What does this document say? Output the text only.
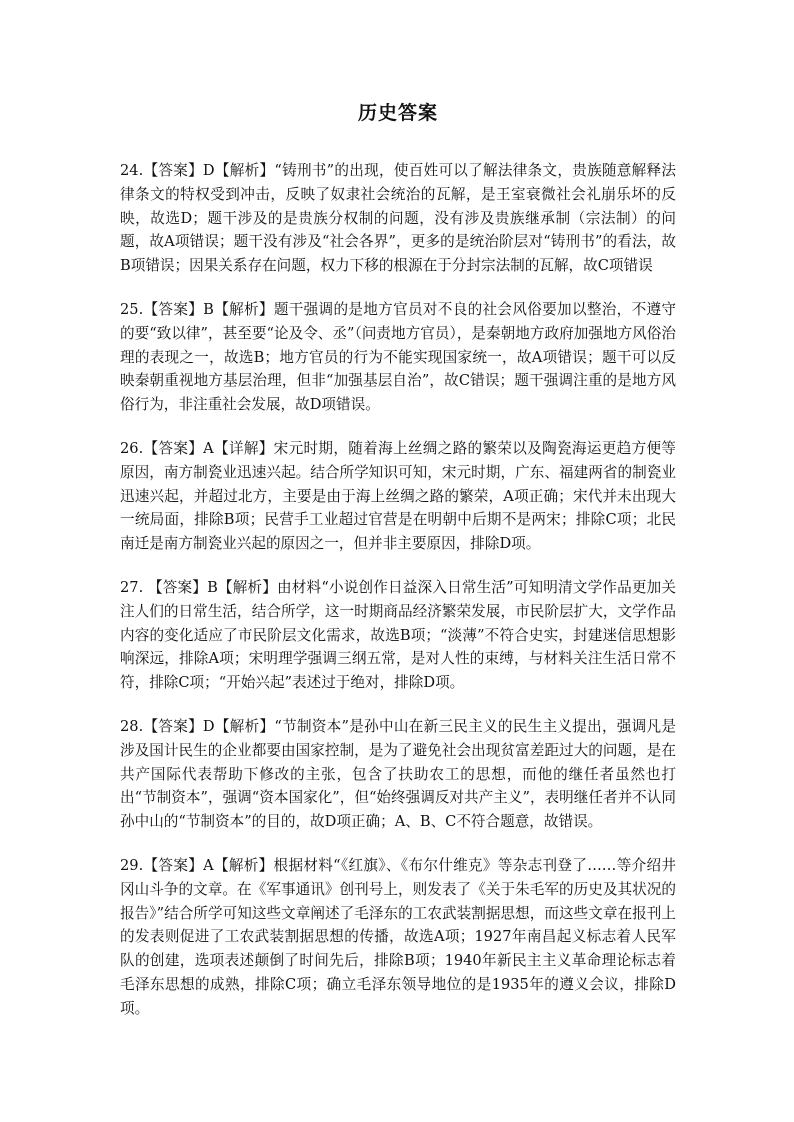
历史答案

24.【答案】D【解析】“铸刑书”的出现，使百姓可以了解法律条文，贵族随意解释法律条文的特权受到冲击，反映了奴隶社会统治的瓦解，是王室衰微社会礼崩乐坏的反映，故选D；题干涉及的是贵族分权制的问题，没有涉及贵族继承制（宗法制）的问题，故A项错误；题干没有涉及“社会各界”，更多的是统治阶层对“铸刑书”的看法，故B项错误；因果关系存在问题，权力下移的根源在于分封宗法制的瓦解，故C项错误

25.【答案】B【解析】题干强调的是地方官员对不良的社会风俗要加以整治，不遵守的要“致以律”，甚至要“论及令、丞”（问责地方官员），是秦朝地方政府加强地方风俗治理的表现之一，故选B；地方官员的行为不能实现国家统一，故A项错误；题干可以反映秦朝重视地方基层治理，但非“加强基层自治”，故C错误；题干强调注重的是地方风俗行为，非注重社会发展，故D项错误。

26.【答案】A【详解】宋元时期，随着海上丝绸之路的繁荣以及陶瓷海运更趋方便等原因，南方制瓷业迅速兴起。结合所学知识可知，宋元时期，广东、福建两省的制瓷业迅速兴起，并超过北方，主要是由于海上丝绸之路的繁荣，A项正确；宋代并未出现大一统局面，排除B项；民营手工业超过官营是在明朝中后期不是两宋；排除C项；北民南迁是南方制瓷业兴起的原因之一，但并非主要原因，排除D项。

27. 【答案】B【解析】由材料“小说创作日益深入日常生活”可知明清文学作品更加关注人们的日常生活，结合所学，这一时期商品经济繁荣发展，市民阶层扩大，文学作品内容的变化适应了市民阶层文化需求，故选B项；“淡薄”不符合史实，封建迷信思想影响深远，排除A项；宋明理学强调三纲五常，是对人性的束缚，与材料关注生活日常不符，排除C项；“开始兴起”表述过于绝对，排除D项。

28.【答案】D【解析】“节制资本”是孙中山在新三民主义的民生主义提出，强调凡是涉及国计民生的企业都要由国家控制，是为了避免社会出现贫富差距过大的问题，是在共产国际代表帮助下修改的主张，包含了扶助农工的思想，而他的继任者虽然也打出“节制资本”，强调“资本国家化”，但“始终强调反对共产主义”，表明继任者并不认同孙中山的“节制资本”的目的，故D项正确；A、B、C不符合题意，故错误。

29.【答案】A【解析】根据材料“《红旗》、《布尔什维克》等杂志刊登了……等介绍井冈山斗争的文章。在《军事通讯》创刊号上，则发表了《关于朱毛军的历史及其状况的报告》”结合所学可知这些文章阐述了毛泽东的工农武装割据思想，而这些文章在报刊上的发表则促进了工农武装割据思想的传播，故选A项；1927年南昌起义标志着人民军队的创建，选项表述颠倒了时间先后，排除B项；1940年新民主主义革命理论标志着毛泽东思想的成熟，排除C项；确立毛泽东领导地位的是1935年的遵义会议，排除D项。
